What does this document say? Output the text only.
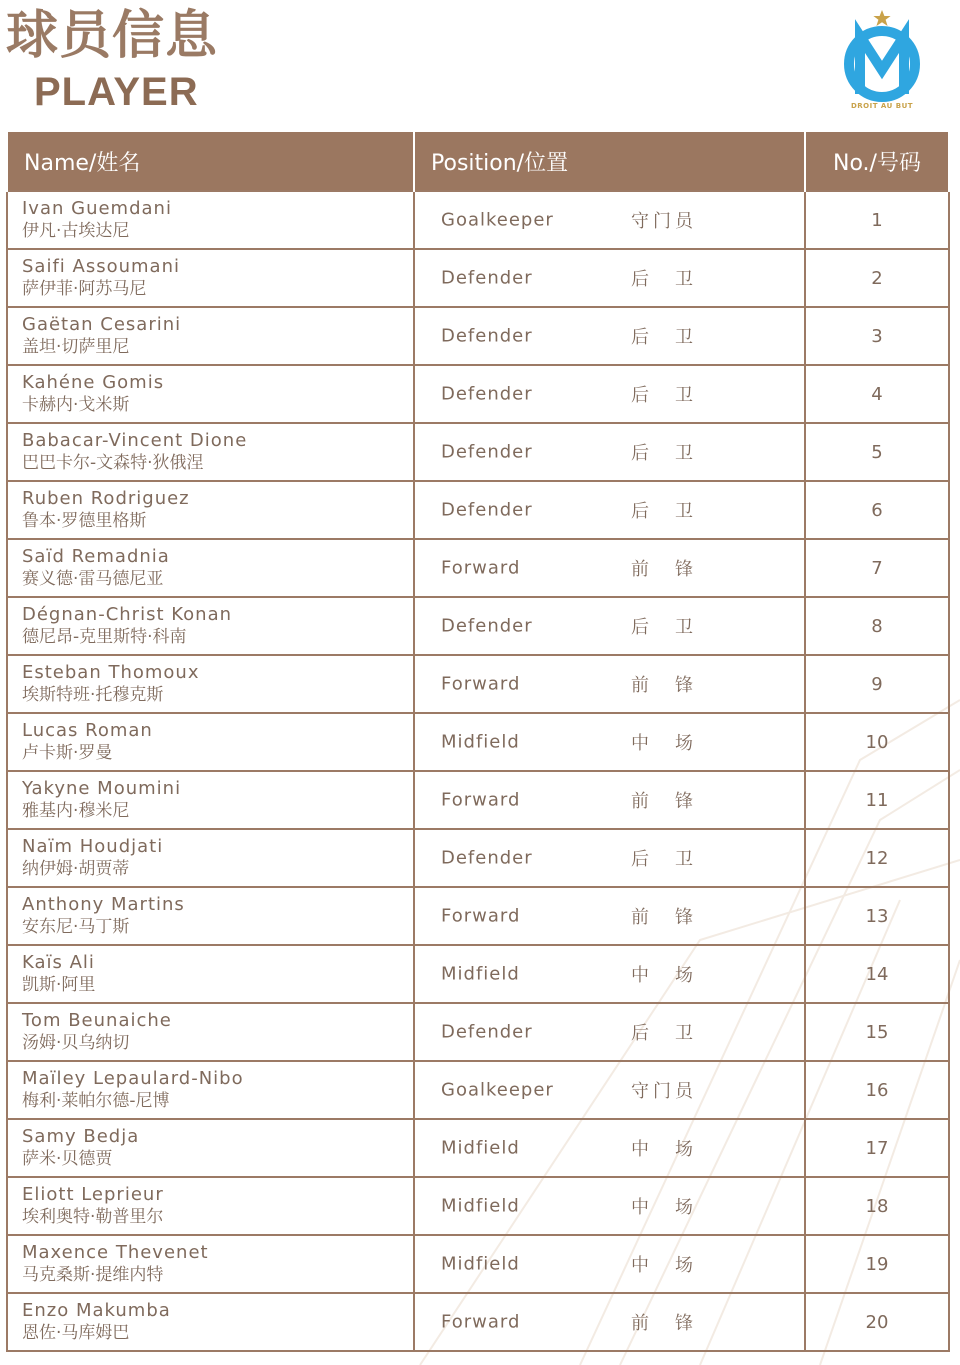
球员信息
PLAYER	DROIT AU BUT
Name/姓名	Position/位置	No./号码

Ivan Guemdani
伊凡·古埃达尼	Goalkeeper 守门员	1

Saifi Assoumani
萨伊菲·阿苏马尼	Defender 后卫	2

Gaëtan Cesarini
盖坦·切萨里尼	Defender 后卫	3

Kahéne Gomis
卡赫内·戈米斯	Defender 后卫	4

Babacar-Vincent Dione
巴巴卡尔-文森特·狄俄涅	Defender 后卫	5

Ruben Rodriguez
鲁本·罗德里格斯	Defender 后卫	6

Saïd Remadnia
赛义德·雷马德尼亚	Forward 前锋	7

Dégnan-Christ Konan
德尼昂-克里斯特·科南	Defender 后卫	8

Esteban Thomoux
埃斯特班·托穆克斯	Forward 前锋	9

Lucas Roman
卢卡斯·罗曼	Midfield 中场	10

Yakyne Moumini
雅基内·穆米尼	Forward 前锋	11

Naïm Houdjati
纳伊姆·胡贾蒂	Defender 后卫	12

Anthony Martins
安东尼·马丁斯	Forward 前锋	13

Kaïs Ali
凯斯·阿里	Midfield 中场	14

Tom Beunaiche
汤姆·贝乌纳切	Defender 后卫	15

Maïley Lepaulard-Nibo
梅利·莱帕尔德-尼博	Goalkeeper 守门员	16

Samy Bedja
萨米·贝德贾	Midfield 中场	17

Eliott Leprieur
埃利奥特·勒普里尔	Midfield 中场	18

Maxence Thevenet
马克桑斯·提维内特	Midfield 中场	19

Enzo Makumba
恩佐·马库姆巴	Forward 前锋	20
